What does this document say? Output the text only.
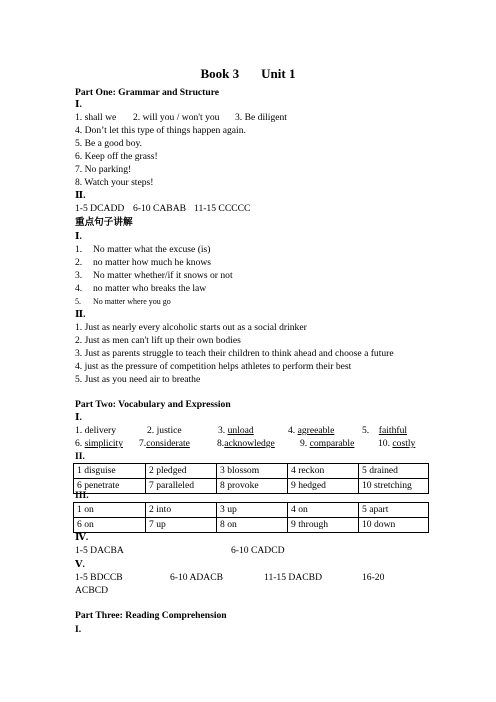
Book 3 Unit 1
Part One: Grammar and Structure
Ⅰ.
1. shall we 2. will you / won't you 3. Be diligent
4. Don’t let this type of things happen again.
5. Be a good boy.
6. Keep off the grass!
7. No parking!
8. Watch your steps!
Ⅱ.
1-5 DCADD 6-10 CABAB 11-15 CCCCC
重点句子讲解
Ⅰ.
1. No matter what the excuse (is)
2. no matter how much he knows
3. No matter whether/if it snows or not
4. no matter who breaks the law
5. No matter where you go
Ⅱ.
1. Just as nearly every alcoholic starts out as a social drinker
2. Just as men can't lift up their own bodies
3. Just as parents struggle to teach their children to think ahead and choose a future
4. just as the pressure of competition helps athletes to perform their best
5. Just as you need air to breathe
Part Two: Vocabulary and Expression
Ⅰ.
1. delivery	2. justice	3. unload	4. agreeable	5. faithful
6. simplicity 7.considerate	8.acknowledge	9. comparable 10. costly
II.
1 disguise	2 pledged	3 blossom	4 reckon	5 drained
6 penetrate	7 paralleled	8 provoke	9 hedged	10 stretching
III.
1 on	2 into	3 up	4 on	5 apart
6 on	7 up	8 on	9 through	10 down
Ⅳ.
1-5 DACBA	6-10 CADCD
Ⅴ.
1-5 BDCCB	6-10 ADACB	11-15 DACBD	16-20
ACBCD
Part Three: Reading Comprehension
I.
